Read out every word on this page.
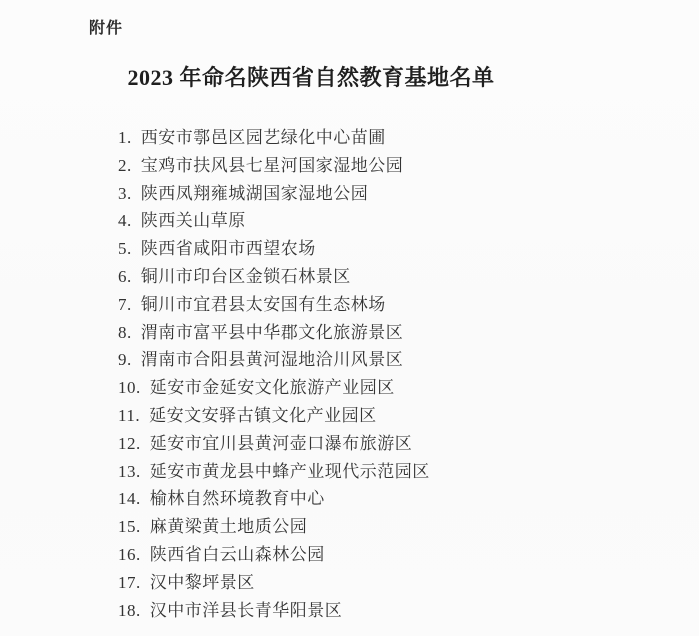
附件
2023 年命名陕西省自然教育基地名单
1. 西安市鄠邑区园艺绿化中心苗圃
2. 宝鸡市扶风县七星河国家湿地公园
3. 陕西凤翔雍城湖国家湿地公园
4. 陕西关山草原
5. 陕西省咸阳市西望农场
6. 铜川市印台区金锁石林景区
7. 铜川市宜君县太安国有生态林场
8. 渭南市富平县中华郡文化旅游景区
9. 渭南市合阳县黄河湿地洽川风景区
10. 延安市金延安文化旅游产业园区
11. 延安文安驿古镇文化产业园区
12. 延安市宜川县黄河壶口瀑布旅游区
13. 延安市黄龙县中蜂产业现代示范园区
14. 榆林自然环境教育中心
15. 麻黄梁黄土地质公园
16. 陕西省白云山森林公园
17. 汉中黎坪景区
18. 汉中市洋县长青华阳景区
